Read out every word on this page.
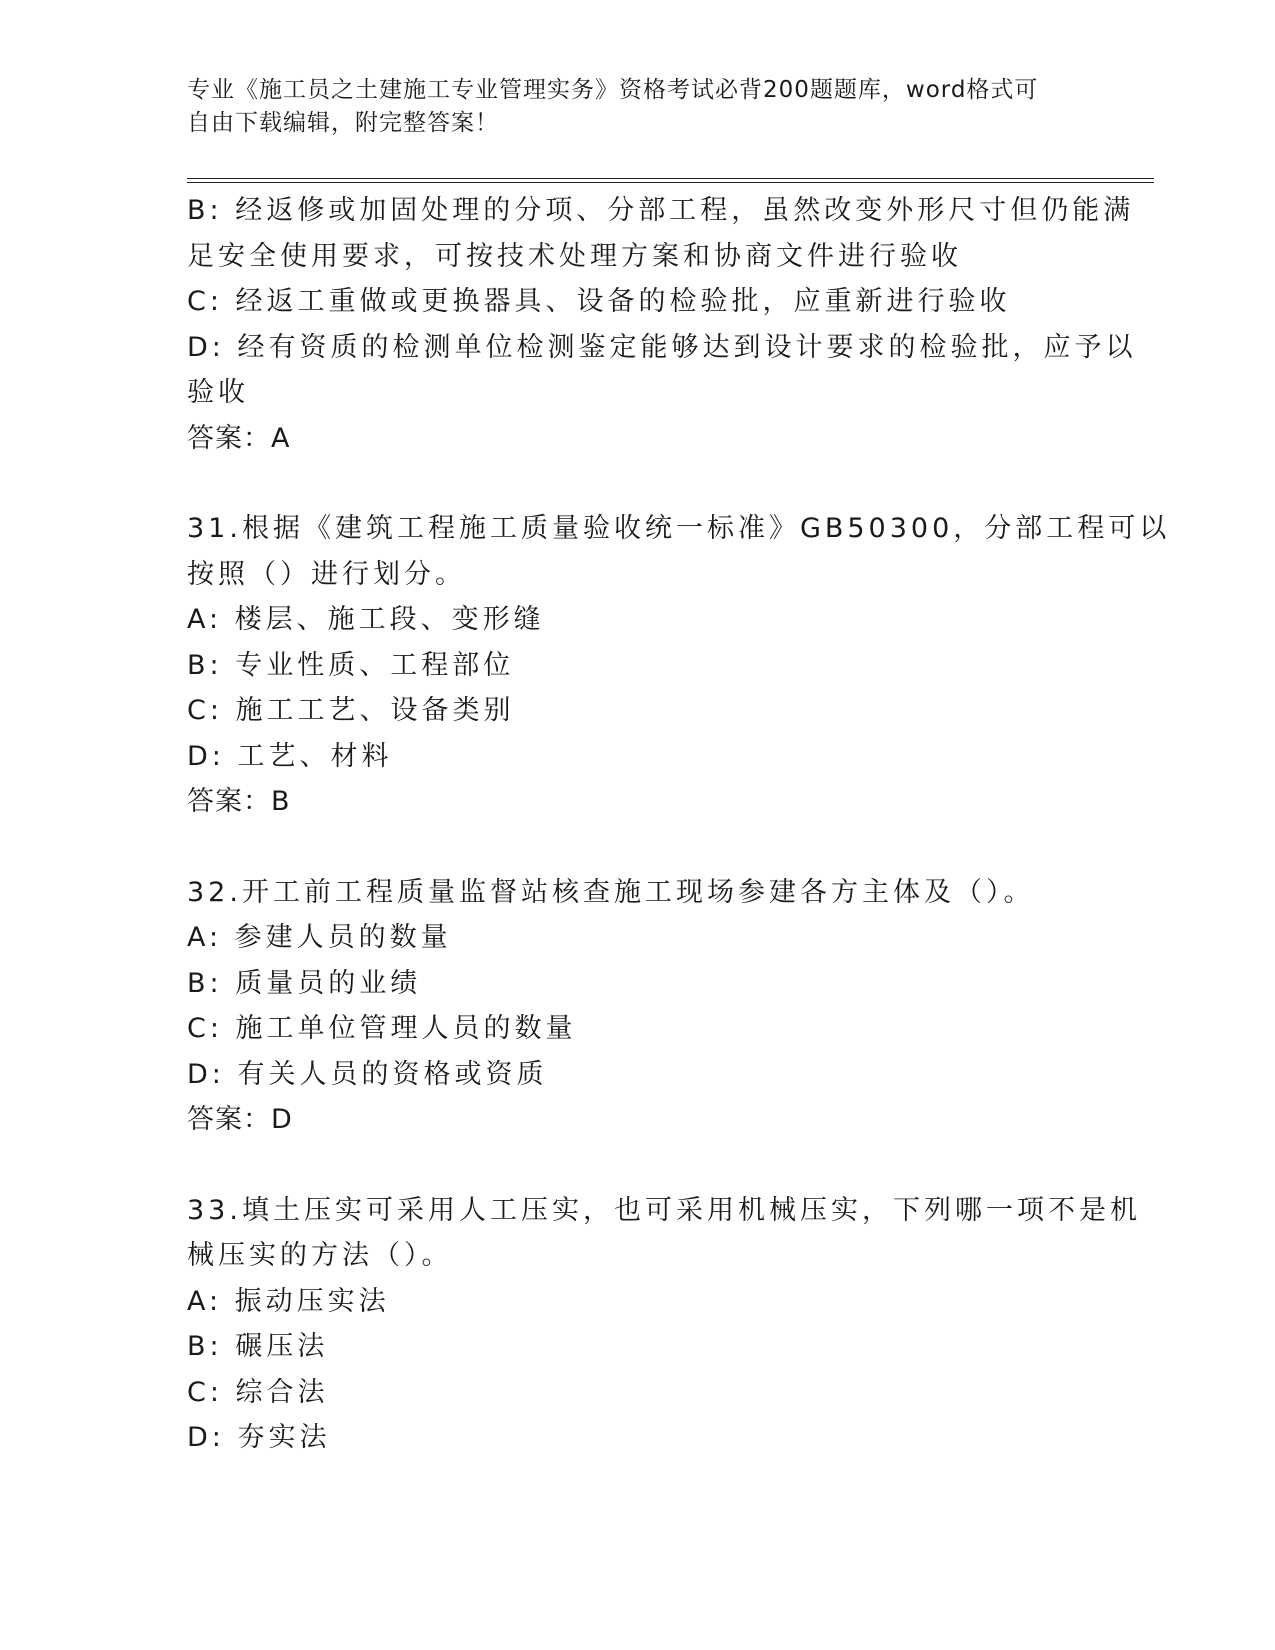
专业《施工员之土建施工专业管理实务》资格考试必背200题题库，word格式可
自由下载编辑，附完整答案！
B: 经返修或加固处理的分项、分部工程，虽然改变外形尺寸但仍能满
足安全使用要求，可按技术处理方案和协商文件进行验收
C: 经返工重做或更换器具、设备的检验批，应重新进行验收
D: 经有资质的检测单位检测鉴定能够达到设计要求的检验批，应予以
验收
答案：A
31.根据《建筑工程施工质量验收统一标准》GB50300，分部工程可以
按照（）进行划分。
A: 楼层、施工段、变形缝
B: 专业性质、工程部位
C: 施工工艺、设备类别
D: 工艺、材料
答案：B
32.开工前工程质量监督站核查施工现场参建各方主体及（）。
A: 参建人员的数量
B: 质量员的业绩
C: 施工单位管理人员的数量
D: 有关人员的资格或资质
答案：D
33.填土压实可采用人工压实，也可采用机械压实，下列哪一项不是机
械压实的方法（）。
A: 振动压实法
B: 碾压法
C: 综合法
D: 夯实法
